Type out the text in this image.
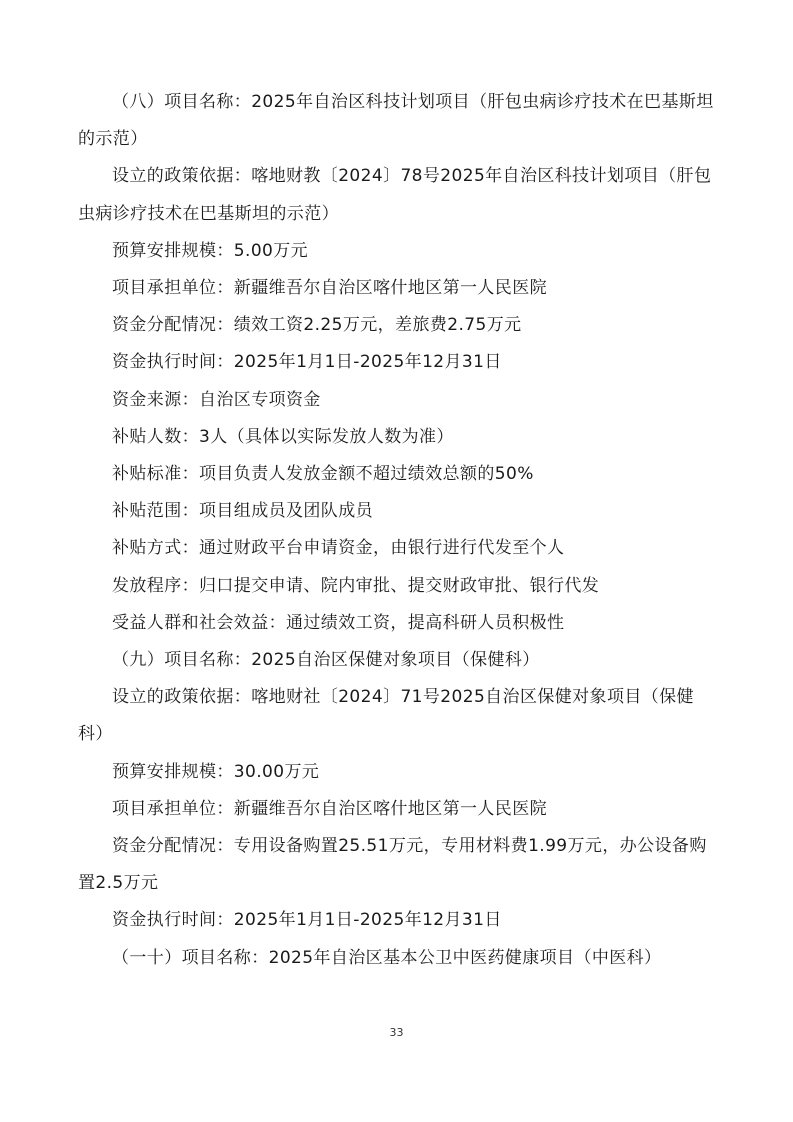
（八）项目名称：2025年自治区科技计划项目（肝包虫病诊疗技术在巴基斯坦的示范）

设立的政策依据：喀地财教〔2024〕78号2025年自治区科技计划项目（肝包虫病诊疗技术在巴基斯坦的示范）

预算安排规模：5.00万元

项目承担单位：新疆维吾尔自治区喀什地区第一人民医院

资金分配情况：绩效工资2.25万元，差旅费2.75万元

资金执行时间：2025年1月1日-2025年12月31日

资金来源：自治区专项资金

补贴人数：3人（具体以实际发放人数为准）

补贴标准：项目负责人发放金额不超过绩效总额的50%

补贴范围：项目组成员及团队成员

补贴方式：通过财政平台申请资金，由银行进行代发至个人

发放程序：归口提交申请、院内审批、提交财政审批、银行代发

受益人群和社会效益：通过绩效工资，提高科研人员积极性

（九）项目名称：2025自治区保健对象项目（保健科）

设立的政策依据：喀地财社〔2024〕71号2025自治区保健对象项目（保健科）

预算安排规模：30.00万元

项目承担单位：新疆维吾尔自治区喀什地区第一人民医院

资金分配情况：专用设备购置25.51万元，专用材料费1.99万元，办公设备购置2.5万元

资金执行时间：2025年1月1日-2025年12月31日

（一十）项目名称：2025年自治区基本公卫中医药健康项目（中医科）

33
